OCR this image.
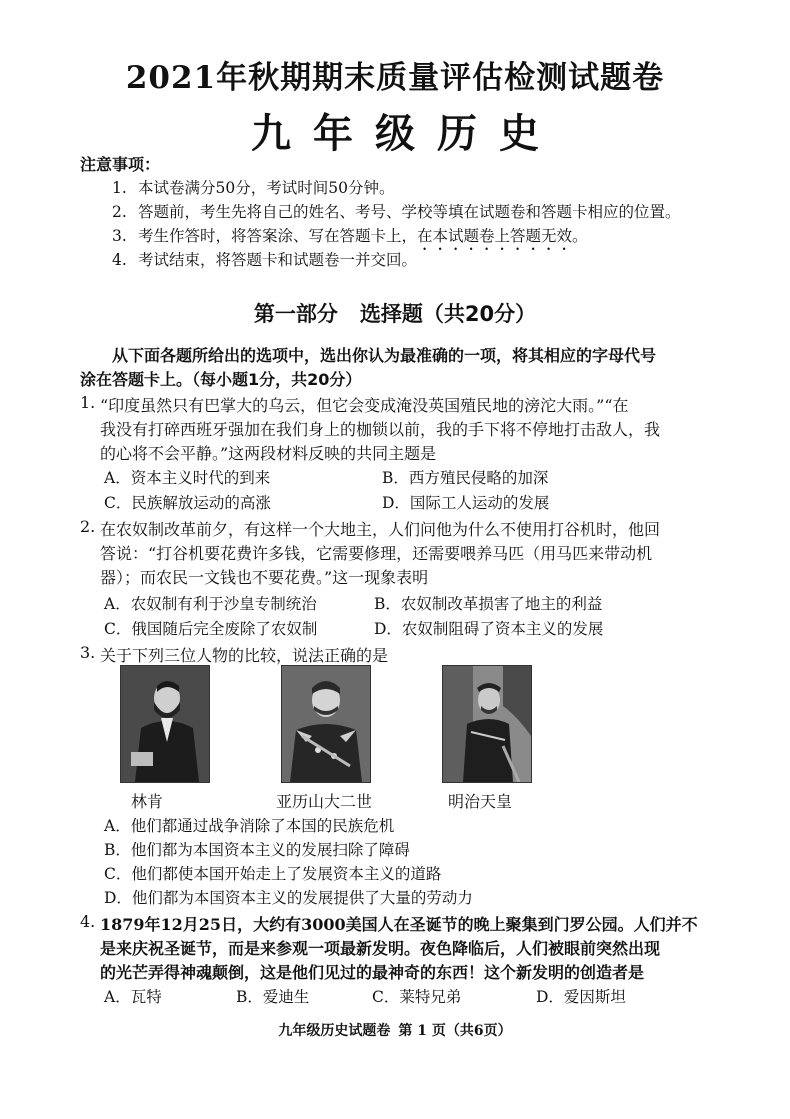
2021年秋期期末质量评估检测试题卷
九年级历史
注意事项：
1. 本试卷满分50分，考试时间50分钟。
2. 答题前，考生先将自己的姓名、考号、学校等填在试题卷和答题卡相应的位置。
3. 考生作答时，将答案涂、写在答题卡上，在本试题卷上答题无效。
4. 考试结束，将答题卡和试题卷一并交回。
第一部分 选择题（共20分）
从下面各题所给出的选项中，选出你认为最准确的一项，将其相应的字母代号
涂在答题卡上。（每小题1分，共20分）
1. “印度虽然只有巴掌大的乌云，但它会变成淹没英国殖民地的滂沱大雨。”“在
我没有打碎西班牙强加在我们身上的枷锁以前，我的手下将不停地打击敌人，我
的心将不会平静。”这两段材料反映的共同主题是
A．资本主义时代的到来	B．西方殖民侵略的加深
C．民族解放运动的高涨	D．国际工人运动的发展
2. 在农奴制改革前夕，有这样一个大地主，人们问他为什么不使用打谷机时，他回
答说：“打谷机要花费许多钱，它需要修理，还需要喂养马匹（用马匹来带动机
器）；而农民一文钱也不要花费。”这一现象表明
A．农奴制有利于沙皇专制统治	B．农奴制改革损害了地主的利益
C．俄国随后完全废除了农奴制	D．农奴制阻碍了资本主义的发展
3. 关于下列三位人物的比较，说法正确的是
林肯	亚历山大二世	明治天皇
A．他们都通过战争消除了本国的民族危机
B．他们都为本国资本主义的发展扫除了障碍
C．他们都使本国开始走上了发展资本主义的道路
D．他们都为本国资本主义的发展提供了大量的劳动力
4. 1879年12月25日，大约有3000美国人在圣诞节的晚上聚集到门罗公园。人们并不
是来庆祝圣诞节，而是来参观一项最新发明。夜色降临后，人们被眼前突然出现
的光芒弄得神魂颠倒，这是他们见过的最神奇的东西！这个新发明的创造者是
A．瓦特	B．爱迪生	C．莱特兄弟	D．爱因斯坦
九年级历史试题卷 第 1 页（共6页）
